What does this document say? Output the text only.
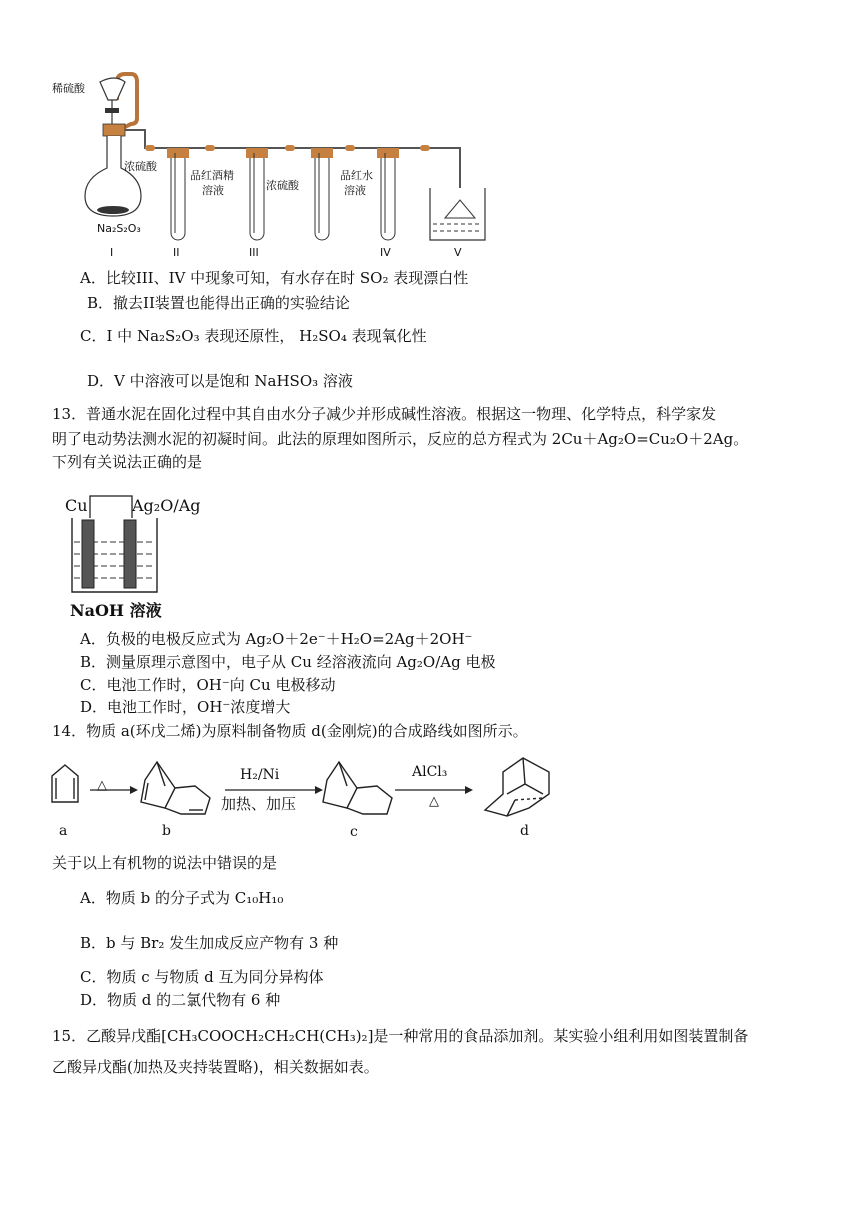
稀硫酸
Na₂S₂O₃
浓硫酸
品红酒精
溶液	浓硫酸
品红水
溶液
I	II	III	IV	V
A．比较III、IV 中现象可知，有水存在时 SO₂ 表现漂白性
B．撤去II装置也能得出正确的实验结论
C．I 中 Na₂S₂O₃ 表现还原性， H₂SO₄ 表现氧化性
D．V 中溶液可以是饱和 NaHSO₃ 溶液
13．普通水泥在固化过程中其自由水分子减少并形成碱性溶液。根据这一物理、化学特点，科学家发
明了电动势法测水泥的初凝时间。此法的原理如图所示，反应的总方程式为 2Cu＋Ag₂O=Cu₂O＋2Ag。
下列有关说法正确的是
Cu	Ag₂O/Ag
NaOH 溶液
A．负极的电极反应式为 Ag₂O＋2e⁻＋H₂O=2Ag＋2OH⁻
B．测量原理示意图中，电子从 Cu 经溶液流向 Ag₂O/Ag 电极
C．电池工作时，OH⁻向 Cu 电极移动
D．电池工作时，OH⁻浓度增大
14．物质 a(环戊二烯)为原料制备物质 d(金刚烷)的合成路线如图所示。
△
H₂/Ni
加热、加压
AlCl₃
△
a	b	c	d
关于以上有机物的说法中错误的是
A．物质 b 的分子式为 C₁₀H₁₀
B．b 与 Br₂ 发生加成反应产物有 3 种
C．物质 c 与物质 d 互为同分异构体
D．物质 d 的二氯代物有 6 种
15．乙酸异戊酯[CH₃COOCH₂CH₂CH(CH₃)₂]是一种常用的食品添加剂。某实验小组利用如图装置制备
乙酸异戊酯(加热及夹持装置略)，相关数据如表。
